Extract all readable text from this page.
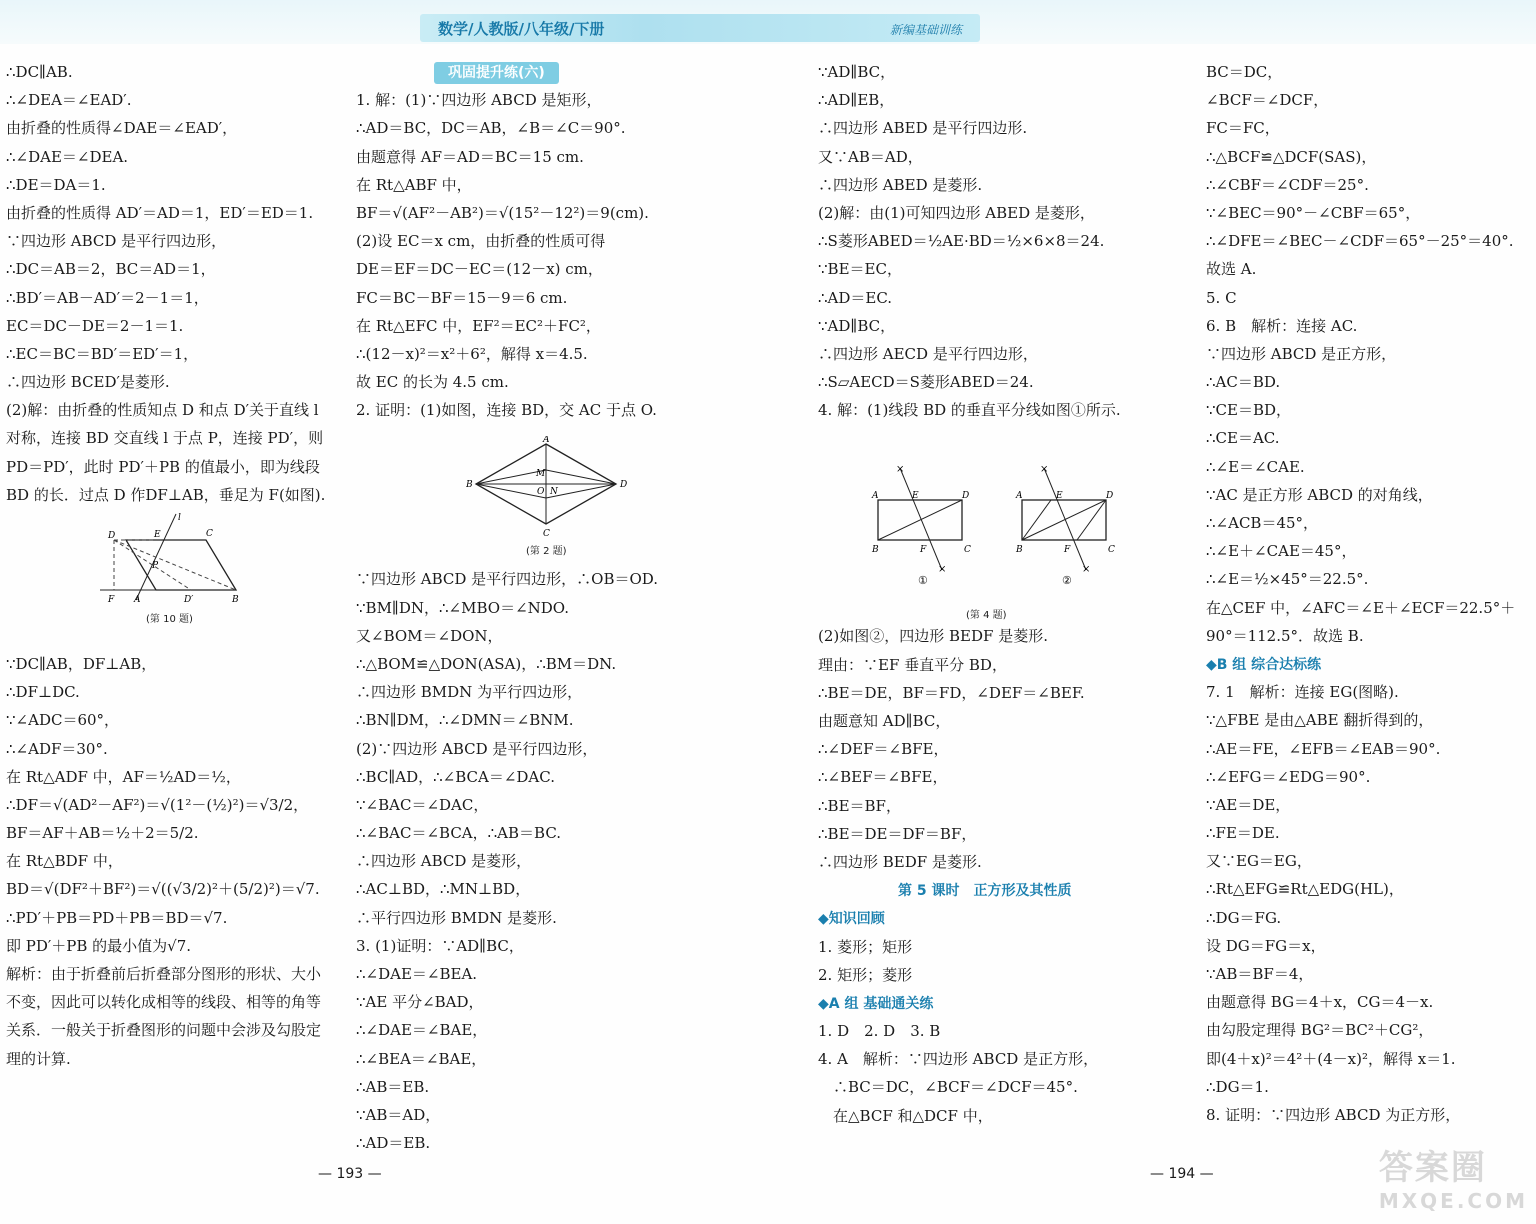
数学/人教版/八年级/下册	新编基础训练
∴DC∥AB.
∴∠DEA＝∠EAD′.
由折叠的性质得∠DAE＝∠EAD′，
∴∠DAE＝∠DEA.
∴DE＝DA＝1.
由折叠的性质得 AD′＝AD＝1，ED′＝ED＝1.
∵四边形 ABCD 是平行四边形，
∴DC＝AB＝2，BC＝AD＝1，
∴BD′＝AB－AD′＝2－1＝1，
EC＝DC－DE＝2－1＝1.
∴EC＝BC＝BD′＝ED′＝1，
∴四边形 BCED′是菱形.
(2)解：由折叠的性质知点 D 和点 D′关于直线 l
对称，连接 BD 交直线 l 于点 P，连接 PD′，则
PD＝PD′，此时 PD′＋PB 的值最小，即为线段
BD 的长．过点 D 作DF⊥AB，垂足为 F(如图).
∵DC∥AB，DF⊥AB，
∴DF⊥DC.
∵∠ADC＝60°，
∴∠ADF＝30°.
在 Rt△ADF 中，AF＝½AD＝½，
∴DF＝√(AD²－AF²)＝√(1²－(½)²)＝√3/2，
BF＝AF＋AB＝½＋2＝5/2.
在 Rt△BDF 中，
BD＝√(DF²＋BF²)＝√((√3/2)²＋(5/2)²)＝√7.
∴PD′＋PB＝PD＋PB＝BD＝√7.
即 PD′＋PB 的最小值为√7.
解析：由于折叠前后折叠部分图形的形状、大小
不变，因此可以转化成相等的线段、相等的角等
关系．一般关于折叠图形的问题中会涉及勾股定
理的计算.
巩固提升练(六)
1. 解：(1)∵四边形 ABCD 是矩形，
∴AD＝BC，DC＝AB，∠B＝∠C＝90°.
由题意得 AF＝AD＝BC＝15 cm.
在 Rt△ABF 中，
BF＝√(AF²－AB²)＝√(15²－12²)＝9(cm).
(2)设 EC＝x cm，由折叠的性质可得
DE＝EF＝DC－EC＝(12－x) cm，
FC＝BC－BF＝15－9＝6 cm.
在 Rt△EFC 中，EF²＝EC²＋FC²，
∴(12－x)²＝x²＋6²，解得 x＝4.5.
故 EC 的长为 4.5 cm.
2. 证明：(1)如图，连接 BD，交 AC 于点 O.
∵四边形 ABCD 是平行四边形，∴OB＝OD.
∵BM∥DN，∴∠MBO＝∠NDO.
又∠BOM＝∠DON，
∴△BOM≌△DON(ASA)，∴BM＝DN.
∴四边形 BMDN 为平行四边形，
∴BN∥DM，∴∠DMN＝∠BNM.
(2)∵四边形 ABCD 是平行四边形，
∴BC∥AD，∴∠BCA＝∠DAC.
∵∠BAC＝∠DAC，
∴∠BAC＝∠BCA，∴AB＝BC.
∴四边形 ABCD 是菱形，
∴AC⊥BD，∴MN⊥BD，
∴平行四边形 BMDN 是菱形.
3. (1)证明：∵AD∥BC，
∴∠DAE＝∠BEA.
∵AE 平分∠BAD，
∴∠DAE＝∠BAE，
∴∠BEA＝∠BAE，
∴AB＝EB.
∵AB＝AD，
∴AD＝EB.
∵AD∥BC，
∴AD∥EB，
∴四边形 ABED 是平行四边形.
又∵AB＝AD，
∴四边形 ABED 是菱形.
(2)解：由(1)可知四边形 ABED 是菱形，
∴S菱形ABED＝½AE·BD＝½×6×8＝24.
∵BE＝EC，
∴AD＝EC.
∵AD∥BC，
∴四边形 AECD 是平行四边形，
∴S▱AECD＝S菱形ABED＝24.
4. 解：(1)线段 BD 的垂直平分线如图①所示.
(2)如图②，四边形 BEDF 是菱形.
理由：∵EF 垂直平分 BD，
∴BE＝DE，BF＝FD，∠DEF＝∠BEF.
由题意知 AD∥BC，
∴∠DEF＝∠BFE，
∴∠BEF＝∠BFE，
∴BE＝BF，
∴BE＝DE＝DF＝BF，
∴四边形 BEDF 是菱形.
第 5 课时　正方形及其性质
◆知识回顾
1. 菱形；矩形
2. 矩形；菱形
◆A 组 基础通关练
1. D　2. D　3. B
4. A　解析：∵四边形 ABCD 是正方形，
　∴BC＝DC，∠BCF＝∠DCF＝45°.
　在△BCF 和△DCF 中，
BC＝DC，
∠BCF＝∠DCF，
FC＝FC，
∴△BCF≌△DCF(SAS)，
∴∠CBF＝∠CDF＝25°.
∵∠BEC＝90°－∠CBF＝65°，
∴∠DFE＝∠BEC－∠CDF＝65°－25°＝40°.
故选 A.
5. C
6. B　解析：连接 AC.
∵四边形 ABCD 是正方形，
∴AC＝BD.
∵CE＝BD，
∴CE＝AC.
∴∠E＝∠CAE.
∵AC 是正方形 ABCD 的对角线，
∴∠ACB＝45°，
∴∠E＋∠CAE＝45°，
∴∠E＝½×45°＝22.5°.
在△CEF 中，∠AFC＝∠E＋∠ECF＝22.5°＋
90°＝112.5°．故选 B.
◆B 组 综合达标练
7. 1　解析：连接 EG(图略).
∵△FBE 是由△ABE 翻折得到的，
∴AE＝FE，∠EFB＝∠EAB＝90°.
∴∠EFG＝∠EDG＝90°.
∵AE＝DE，
∴FE＝DE.
又∵EG＝EG，
∴Rt△EFG≌Rt△EDG(HL)，
∴DG＝FG.
设 DG＝FG＝x，
∵AB＝BF＝4，
由题意得 BG＝4＋x，CG＝4－x.
由勾股定理得 BG²＝BC²＋CG²，
即(4＋x)²＝4²＋(4－x)²，解得 x＝1.
∴DG＝1.
8. 证明：∵四边形 ABCD 为正方形，
D	E
l
C
P
F A	D′	B
(第 10 题)
A
B
C
D
M
O N
(第 2 题)
×
×
A	E	D
B	F	C
①
×
×
A	E	D
B	F	C
②
(第 4 题)
— 193 —	— 194 —	答案圈
MXQE.COM
